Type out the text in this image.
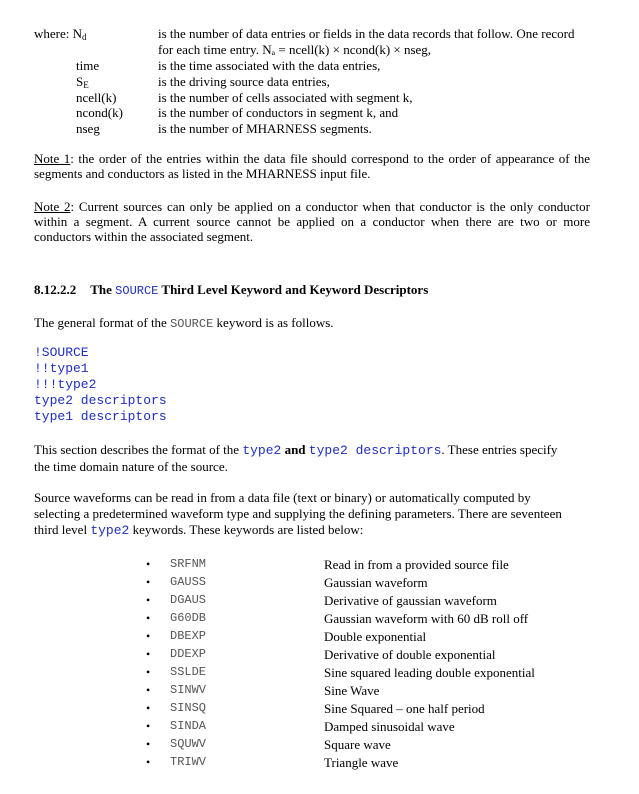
where: $N_d$	is the number of data entries or fields in the data records that follow. One record
for each time entry. Nₐ = ncell(k) × ncond(k) × nseg,
time	is the time associated with the data entries,
$S_E$	is the driving source data entries,
ncell(k)	is the number of cells associated with segment k,
ncond(k)	is the number of conductors in segment k, and
nseg	is the number of MHARNESS segments.
Note 1: the order of the entries within the data file should correspond to the order of appearance of the segments and conductors as listed in the MHARNESS input file.
Note 2: Current sources can only be applied on a conductor when that conductor is the only conductor within a segment. A current source cannot be applied on a conductor when there are two or more conductors within the associated segment.
8.12.2.2 The SOURCE Third Level Keyword and Keyword Descriptors
The general format of the SOURCE keyword is as follows.
!SOURCE
!!type1
!!!type2
type2 descriptors
type1 descriptors
This section describes the format of the type2 and type2 descriptors. These entries specify
the time domain nature of the source.
Source waveforms can be read in from a data file (text or binary) or automatically computed by
selecting a predetermined waveform type and supplying the defining parameters. There are seventeen
third level type2 keywords. These keywords are listed below:
• SRFNM	Read in from a provided source file
• GAUSS	Gaussian waveform
• DGAUS	Derivative of gaussian waveform
• G60DB	Gaussian waveform with 60 dB roll off
• DBEXP	Double exponential
• DDEXP	Derivative of double exponential
• SSLDE	Sine squared leading double exponential
• SINWV	Sine Wave
• SINSQ	Sine Squared – one half period
• SINDA	Damped sinusoidal wave
• SQUWV	Square wave
• TRIWV	Triangle wave
